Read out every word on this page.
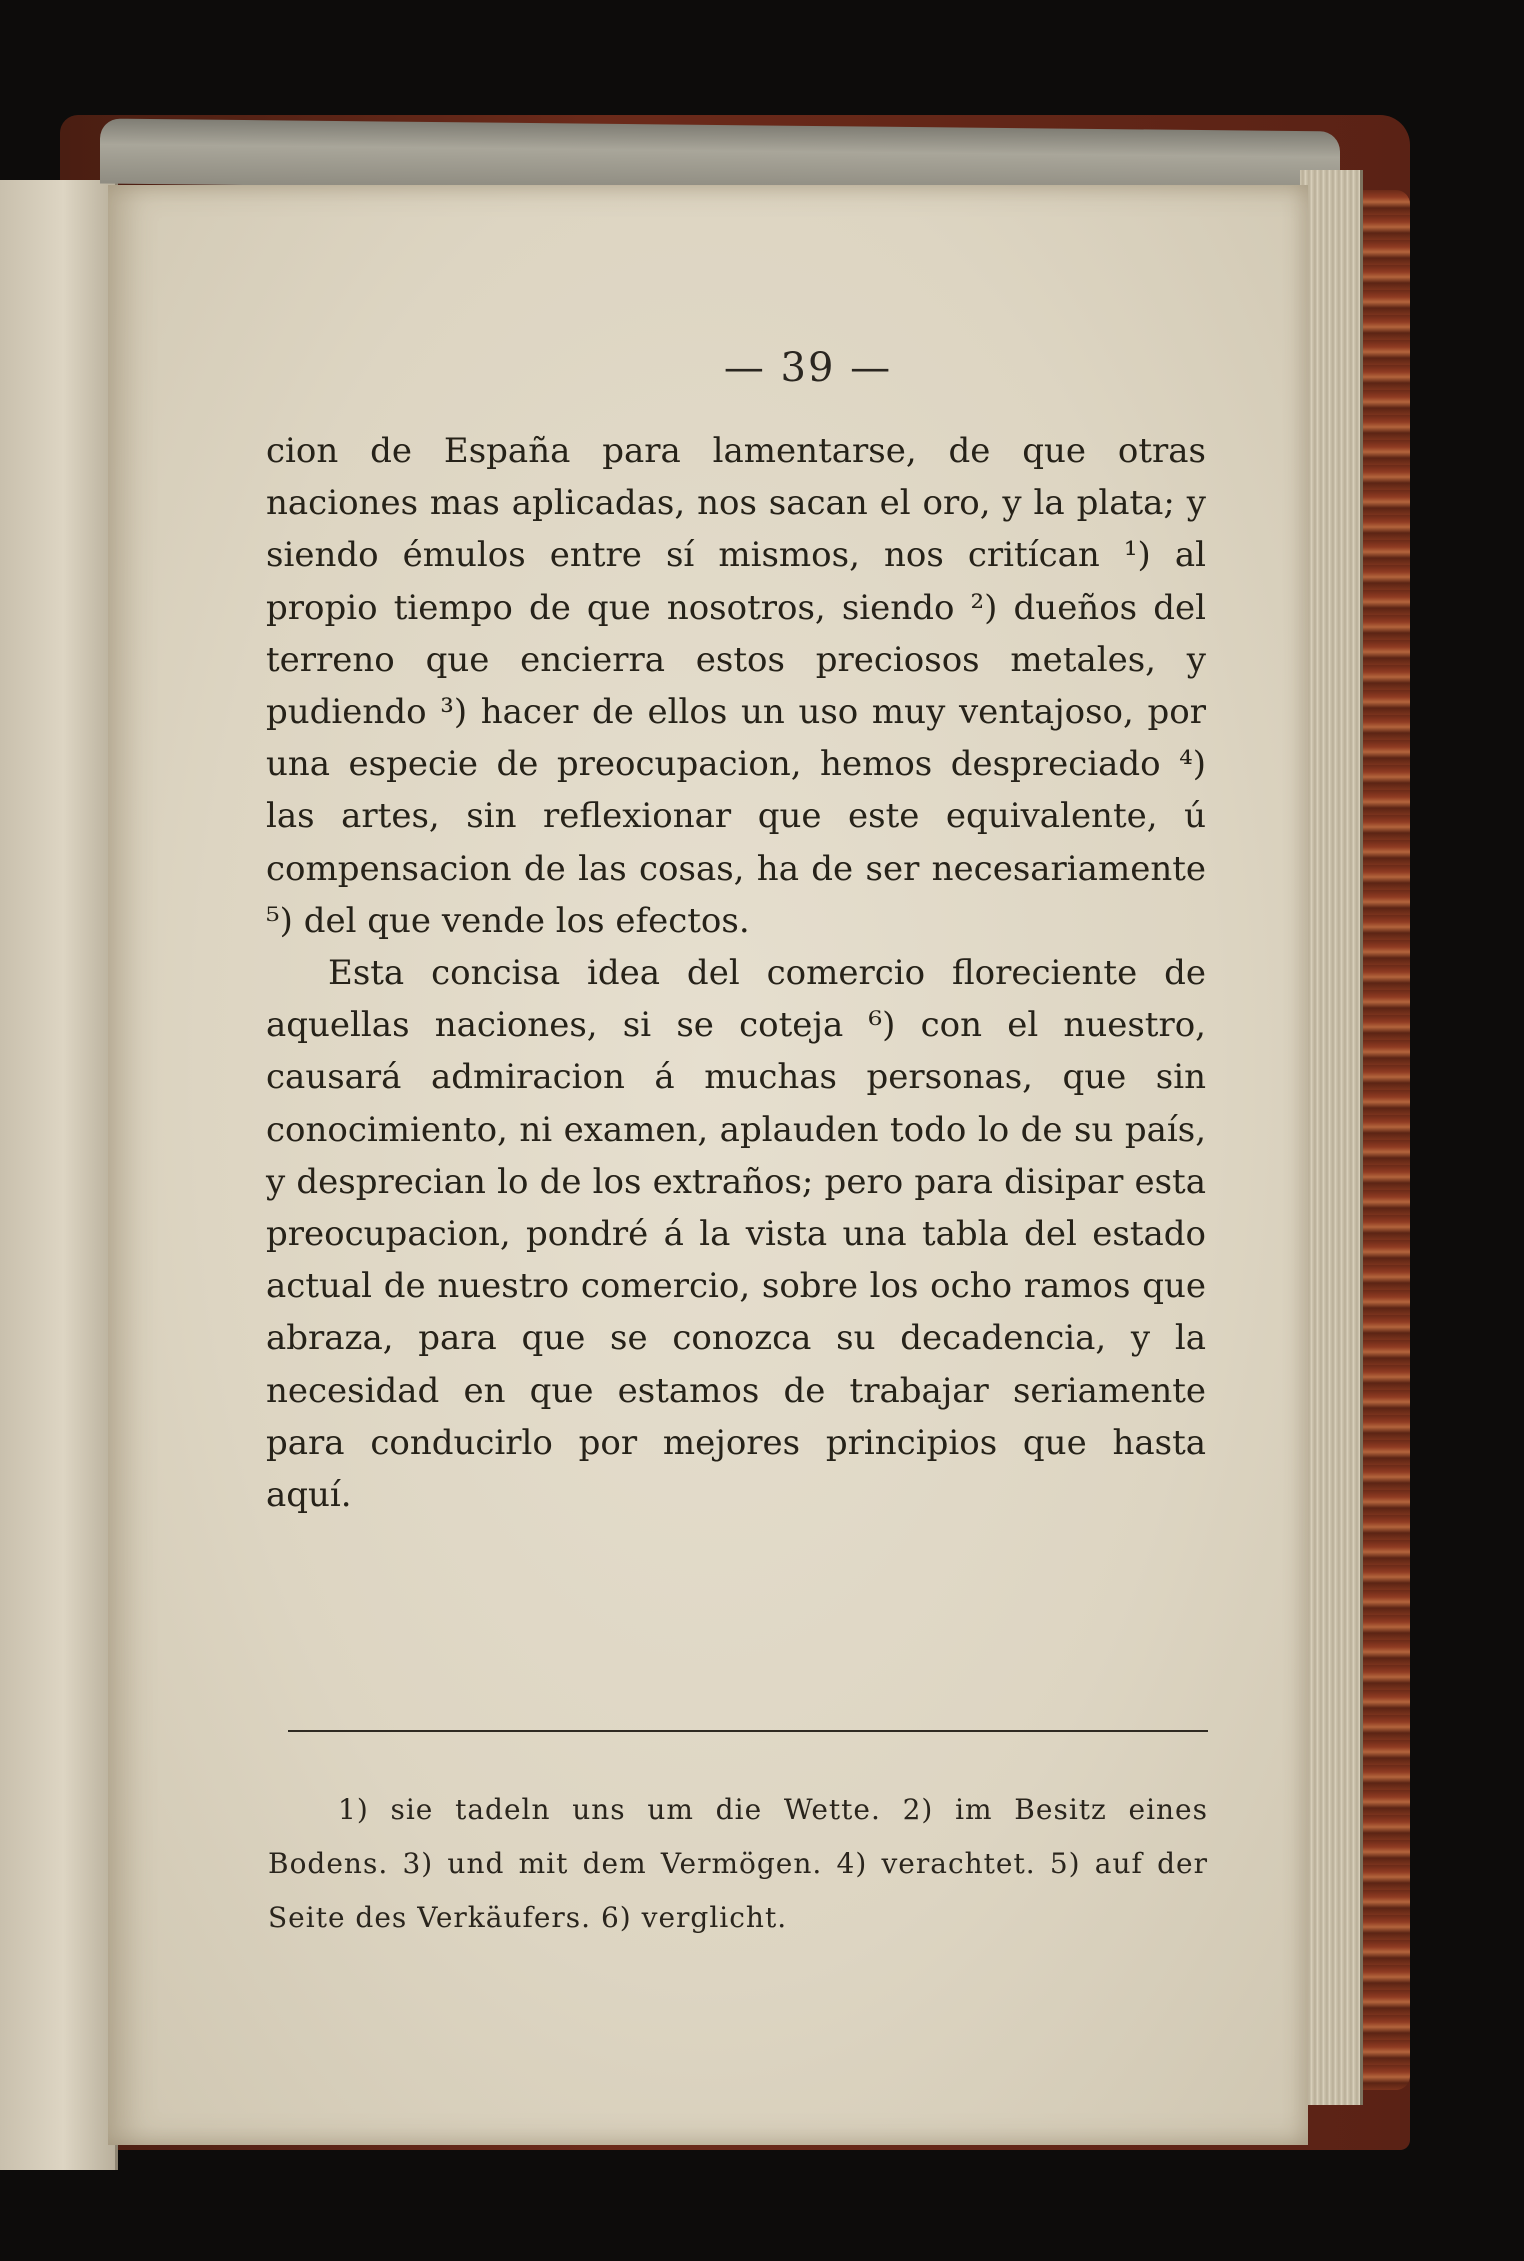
— 39 —

cion de España para lamentarse, de que otras naciones mas aplicadas, nos sacan el oro, y la plata; y siendo émulos entre sí mismos, nos critícan ¹) al propio tiempo de que nosotros, siendo ²) dueños del terreno que encierra estos preciosos metales, y pudiendo ³) hacer de ellos un uso muy ventajoso, por una especie de preocupacion, hemos despreciado ⁴) las artes, sin reflexionar que este equivalente, ú compensacion de las cosas, ha de ser necesariamente ⁵) del que vende los efectos.

Esta concisa idea del comercio floreciente de aquellas naciones, si se coteja ⁶) con el nuestro, causará admiracion á muchas personas, que sin conocimiento, ni examen, aplauden todo lo de su país, y desprecian lo de los extraños; pero para disipar esta preocupacion, pondré á la vista una tabla del estado actual de nuestro comercio, sobre los ocho ramos que abraza, para que se conozca su decadencia, y la necesidad en que estamos de trabajar seriamente para conducirlo por mejores principios que hasta aquí.

1) sie tadeln uns um die Wette. 2) im Besitz eines Bodens. 3) und mit dem Vermögen. 4) verachtet. 5) auf der Seite des Verkäufers. 6) verglicht.
